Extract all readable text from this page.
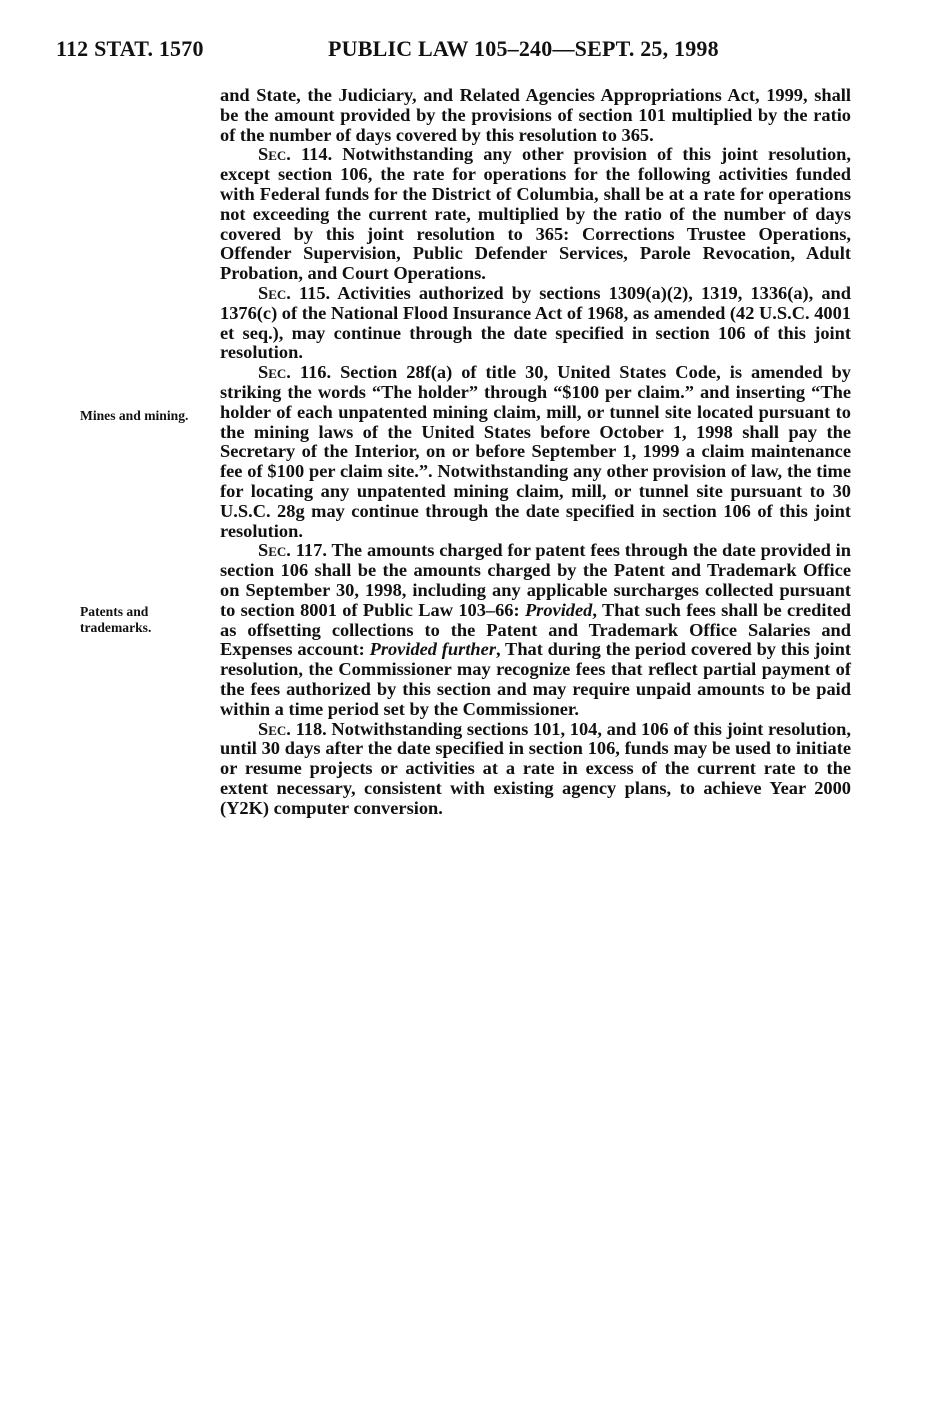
112 STAT. 1570	PUBLIC LAW 105–240—SEPT. 25, 1998
Mines and mining.
Patents and trademarks.

and State, the Judiciary, and Related Agencies Appropriations Act, 1999, shall be the amount provided by the provisions of section 101 multiplied by the ratio of the number of days covered by this resolution to 365.

Sec. 114. Notwithstanding any other provision of this joint resolution, except section 106, the rate for operations for the following activities funded with Federal funds for the District of Columbia, shall be at a rate for operations not exceeding the current rate, multiplied by the ratio of the number of days covered by this joint resolution to 365: Corrections Trustee Operations, Offender Supervision, Public Defender Services, Parole Revocation, Adult Probation, and Court Operations.

Sec. 115. Activities authorized by sections 1309(a)(2), 1319, 1336(a), and 1376(c) of the National Flood Insurance Act of 1968, as amended (42 U.S.C. 4001 et seq.), may continue through the date specified in section 106 of this joint resolution.

Sec. 116. Section 28f(a) of title 30, United States Code, is amended by striking the words “The holder” through “$100 per claim.” and inserting “The holder of each unpatented mining claim, mill, or tunnel site located pursuant to the mining laws of the United States before October 1, 1998 shall pay the Secretary of the Interior, on or before September 1, 1999 a claim maintenance fee of $100 per claim site.”. Notwithstanding any other provision of law, the time for locating any unpatented mining claim, mill, or tunnel site pursuant to 30 U.S.C. 28g may continue through the date specified in section 106 of this joint resolution.

Sec. 117. The amounts charged for patent fees through the date provided in section 106 shall be the amounts charged by the Patent and Trademark Office on September 30, 1998, including any applicable surcharges collected pursuant to section 8001 of Public Law 103–66: Provided, That such fees shall be credited as offsetting collections to the Patent and Trademark Office Salaries and Expenses account: Provided further, That during the period covered by this joint resolution, the Commissioner may recognize fees that reflect partial payment of the fees authorized by this section and may require unpaid amounts to be paid within a time period set by the Commissioner.

Sec. 118. Notwithstanding sections 101, 104, and 106 of this joint resolution, until 30 days after the date specified in section 106, funds may be used to initiate or resume projects or activities at a rate in excess of the current rate to the extent necessary, consistent with existing agency plans, to achieve Year 2000 (Y2K) computer conversion.
